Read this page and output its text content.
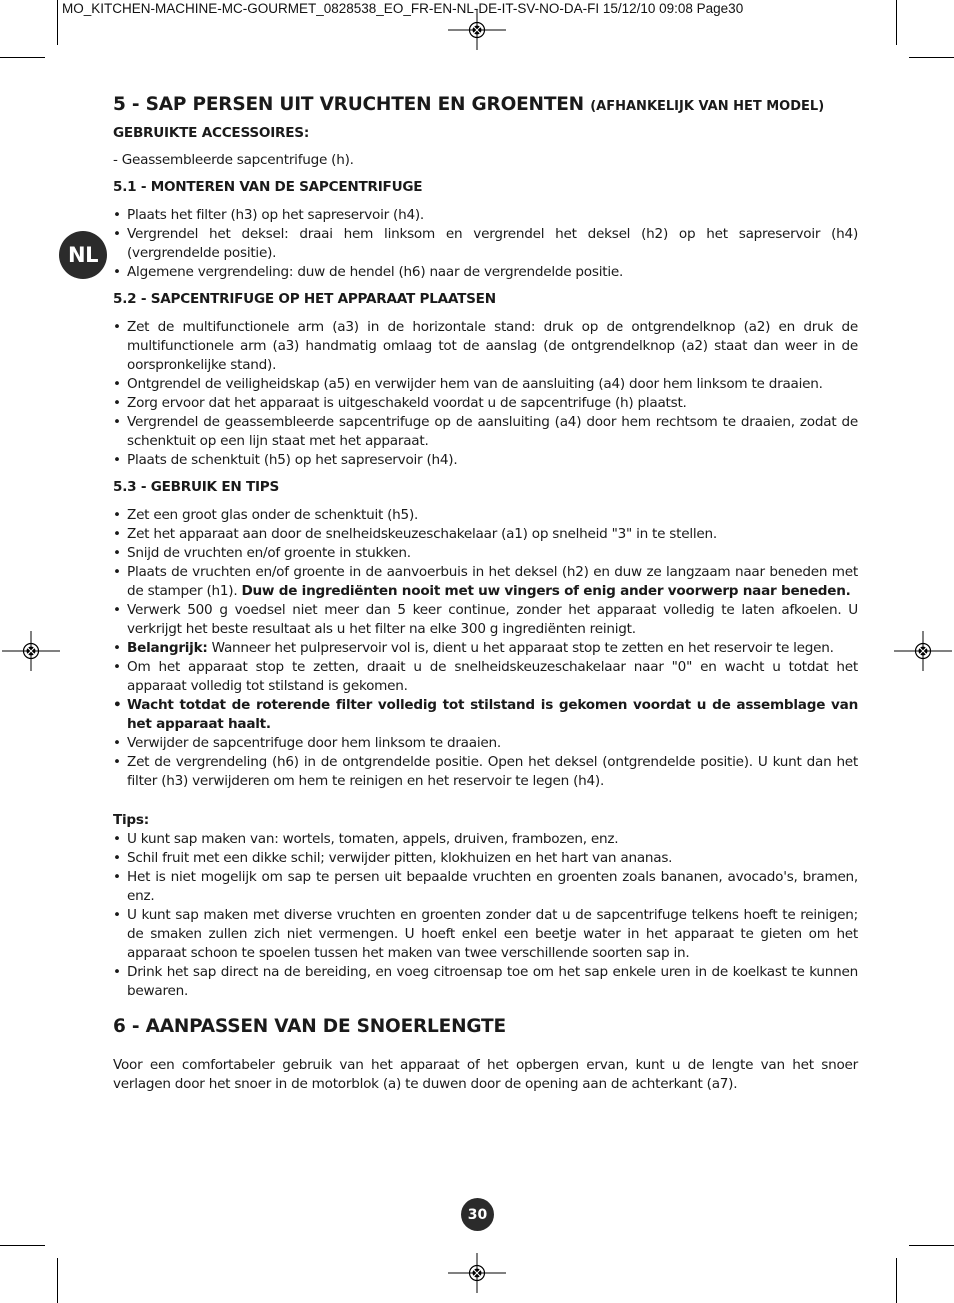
MO_KITCHEN-MACHINE-MC-GOURMET_0828538_EO_FR-EN-NL-DE-IT-SV-NO-DA-FI 15/12/10 09:08 Page30
NL
5 - SAP PERSEN UIT VRUCHTEN EN GROENTEN (AFHANKELIJK VAN HET MODEL)

GEBRUIKTE ACCESSOIRES:

- Geassembleerde sapcentrifuge (h).

5.1 - MONTEREN VAN DE SAPCENTRIFUGE

• Plaats het filter (h3) op het sapreservoir (h4).
• Vergrendel het deksel: draai hem linksom en vergrendel het deksel (h2) op het sapreservoir (h4) (vergrendelde positie).
• Algemene vergrendeling: duw de hendel (h6) naar de vergrendelde positie.

5.2 - SAPCENTRIFUGE OP HET APPARAAT PLAATSEN

• Zet de multifunctionele arm (a3) in de horizontale stand: druk op de ontgrendelknop (a2) en druk de multifunctionele arm (a3) handmatig omlaag tot de aanslag (de ontgrendelknop (a2) staat dan weer in de oorspronkelijke stand).
• Ontgrendel de veiligheidskap (a5) en verwijder hem van de aansluiting (a4) door hem linksom te draaien.
• Zorg ervoor dat het apparaat is uitgeschakeld voordat u de sapcentrifuge (h) plaatst.
• Vergrendel de geassembleerde sapcentrifuge op de aansluiting (a4) door hem rechtsom te draaien, zodat de schenktuit op een lijn staat met het apparaat.
• Plaats de schenktuit (h5) op het sapreservoir (h4).

5.3 - GEBRUIK EN TIPS

• Zet een groot glas onder de schenktuit (h5).
• Zet het apparaat aan door de snelheidskeuzeschakelaar (a1) op snelheid "3" in te stellen.
• Snijd de vruchten en/of groente in stukken.
• Plaats de vruchten en/of groente in de aanvoerbuis in het deksel (h2) en duw ze langzaam naar beneden met de stamper (h1). Duw de ingrediënten nooit met uw vingers of enig ander voorwerp naar beneden.
• Verwerk 500 g voedsel niet meer dan 5 keer continue, zonder het apparaat volledig te laten afkoelen. U verkrijgt het beste resultaat als u het filter na elke 300 g ingrediënten reinigt.
• Belangrijk: Wanneer het pulpreservoir vol is, dient u het apparaat stop te zetten en het reservoir te legen.
• Om het apparaat stop te zetten, draait u de snelheidskeuzeschakelaar naar "0" en wacht u totdat het apparaat volledig tot stilstand is gekomen.
• Wacht totdat de roterende filter volledig tot stilstand is gekomen voordat u de assemblage van het apparaat haalt.
• Verwijder de sapcentrifuge door hem linksom te draaien.
• Zet de vergrendeling (h6) in de ontgrendelde positie. Open het deksel (ontgrendelde positie). U kunt dan het filter (h3) verwijderen om hem te reinigen en het reservoir te legen (h4).

Tips:

• U kunt sap maken van: wortels, tomaten, appels, druiven, frambozen, enz.
• Schil fruit met een dikke schil; verwijder pitten, klokhuizen en het hart van ananas.
• Het is niet mogelijk om sap te persen uit bepaalde vruchten en groenten zoals bananen, avocado's, bramen, enz.
• U kunt sap maken met diverse vruchten en groenten zonder dat u de sapcentrifuge telkens hoeft te reinigen; de smaken zullen zich niet vermengen. U hoeft enkel een beetje water in het apparaat te gieten om het apparaat schoon te spoelen tussen het maken van twee verschillende soorten sap in.
• Drink het sap direct na de bereiding, en voeg citroensap toe om het sap enkele uren in de koelkast te kunnen bewaren.
6 - AANPASSEN VAN DE SNOERLENGTE

Voor een comfortabeler gebruik van het apparaat of het opbergen ervan, kunt u de lengte van het snoer verlagen door het snoer in de motorblok (a) te duwen door de opening aan de achterkant (a7).

30
